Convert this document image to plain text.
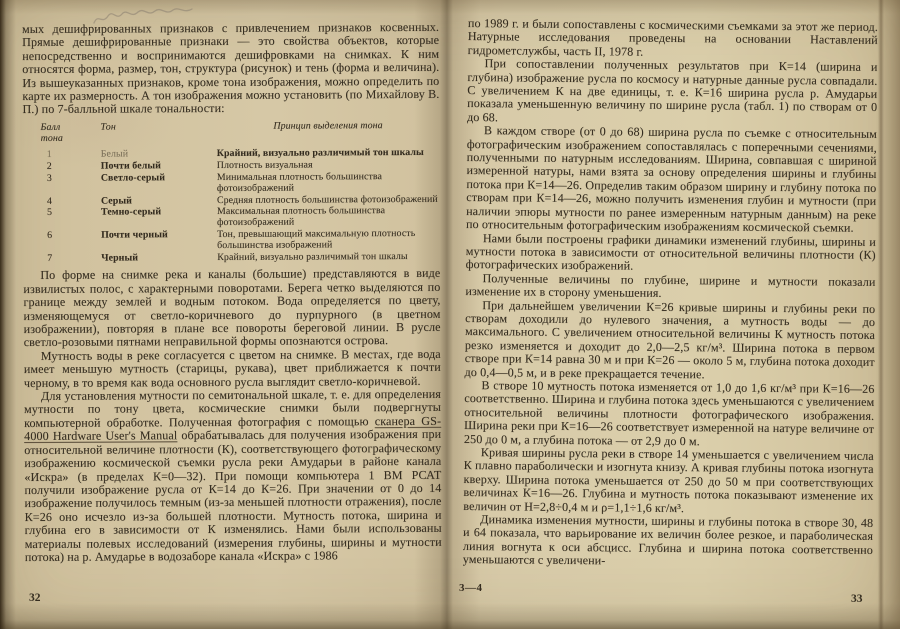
мых дешифрированных признаков с привлечением признаков косвенных. Прямые дешифрированные признаки — это свойства объектов, которые непосредственно и воспринимаются дешифровками на снимках. К ним относятся форма, размер, тон, структура (рисунок) и тень (форма и величина). Из вышеуказанных признаков, кроме тона изображения, можно определить по карте их размерность. А тон изображения можно установить (по Михайлову В. П.) по 7-балльной шкале тональности:

Балл тона
Тон	Принцип выделения тона
1	Белый	Крайний, визуально различимый тон шкалы
2	Почти белый	Плотность визуальная
3	Светло-серый	Минимальная плотность большинства фотоизображений
4	Серый	Средняя плотность большинства фотоизображений
5	Темно-серый	Максимальная плотность большинства фотоизображений
6	Почти черный	Тон, превышающий максимальную плотность большинства изображений
7	Черный	Крайний, визуально различимый тон шкалы

По форме на снимке река и каналы (большие) представляются в виде извилистых полос, с характерными поворотами. Берега четко выделяются по границе между землей и водным потоком. Вода определяется по цвету, изменяющемуся от светло-коричневого до пурпурного (в цветном изображении), повторяя в плане все повороты береговой линии. В русле светло-розовыми пятнами неправильной формы опознаются острова.

Мутность воды в реке согласуется с цветом на снимке. В местах, где вода имеет меньшую мутность (старицы, рукава), цвет приближается к почти черному, в то время как вода основного русла выглядит светло-коричневой.

Для установления мутности по семитональной шкале, т. е. для определения мутности по тону цвета, космические снимки были подвергнуты компьютерной обработке. Полученная фотография с помощью сканера GS-4000 Hardware User's Manual обрабатывалась для получения изображения при относительной величине плотности (К), соответствующего фотографическому изображению космической съемки русла реки Амударьи в районе канала «Искра» (в пределах К=0—32). При помощи компьютера 1 ВМ РСАТ получили изображение русла от К=14 до К=26. При значении от 0 до 14 изображение получилось темным (из-за меньшей плотности отражения), после К=26 оно исчезло из-за большей плотности. Мутность потока, ширина и глубина его в зависимости от К изменялись. Нами были использованы материалы полевых исследований (измерения глубины, ширины и мутности потока) на р. Амударье в водозаборе канала «Искра» с 1986

по 1989 г. и были сопоставлены с космическими съемками за этот же период. Натурные исследования проведены на основании Наставлений гидрометслужбы, часть II, 1978 г.

При сопоставлении полученных результатов при К=14 (ширина и глубина) изображение русла по космосу и натурные данные русла совпадали. С увеличением К на две единицы, т. е. К=16 ширина русла р. Амударьи показала уменьшенную величину по ширине русла (табл. 1) по створам от 0 до 68.

В каждом створе (от 0 до 68) ширина русла по съемке с относительным фотографическим изображением сопоставлялась с поперечными сечениями, полученными по натурным исследованиям. Ширина, совпавшая с шириной измеренной натуры, нами взята за основу определения ширины и глубины потока при К=14—26. Определив таким образом ширину и глубину потока по створам при К=14—26, можно получить изменения глубин и мутности (при наличии эпюры мутности по ранее измеренным натурным данным) на реке по относительным фотографическим изображениям космической съемки.

Нами были построены графики динамики изменений глубины, ширины и мутности потока в зависимости от относительной величины плотности (К) фотографических изображений.

Полученные величины по глубине, ширине и мутности показали изменение их в сторону уменьшения.

При дальнейшем увеличении К=26 кривые ширины и глубины реки по створам доходили до нулевого значения, а мутность воды — до максимального. С увеличением относительной величины К мутность потока резко изменяется и доходит до 2,0—2,5 кг/м³. Ширина потока в первом створе при К=14 равна 30 м и при К=26 — около 5 м, глубина потока доходит до 0,4—0,5 м, и в реке прекращается течение.

В створе 10 мутность потока изменяется от 1,0 до 1,6 кг/м³ при К=16—26 соответственно. Ширина и глубина потока здесь уменьшаются с увеличением относительной величины плотности фотографического изображения. Ширина реки при К=16—26 соответствует измеренной на натуре величине от 250 до 0 м, а глубина потока — от 2,9 до 0 м.

Кривая ширины русла реки в створе 14 уменьшается с увеличением числа К плавно параболически и изогнута книзу. А кривая глубины потока изогнута кверху. Ширина потока уменьшается от 250 до 50 м при соответствующих величинах К=16—26. Глубина и мутность потока показывают изменение их величин от Н=2,8÷0,4 м и ρ=1,1÷1,6 кг/м³.

Динамика изменения мутности, ширины и глубины потока в створе 30, 48 и 64 показала, что варьирование их величин более резкое, и параболическая линия вогнута к оси абсцисс. Глубина и ширина потока соответственно уменьшаются с увеличени-

32
3—4
33
